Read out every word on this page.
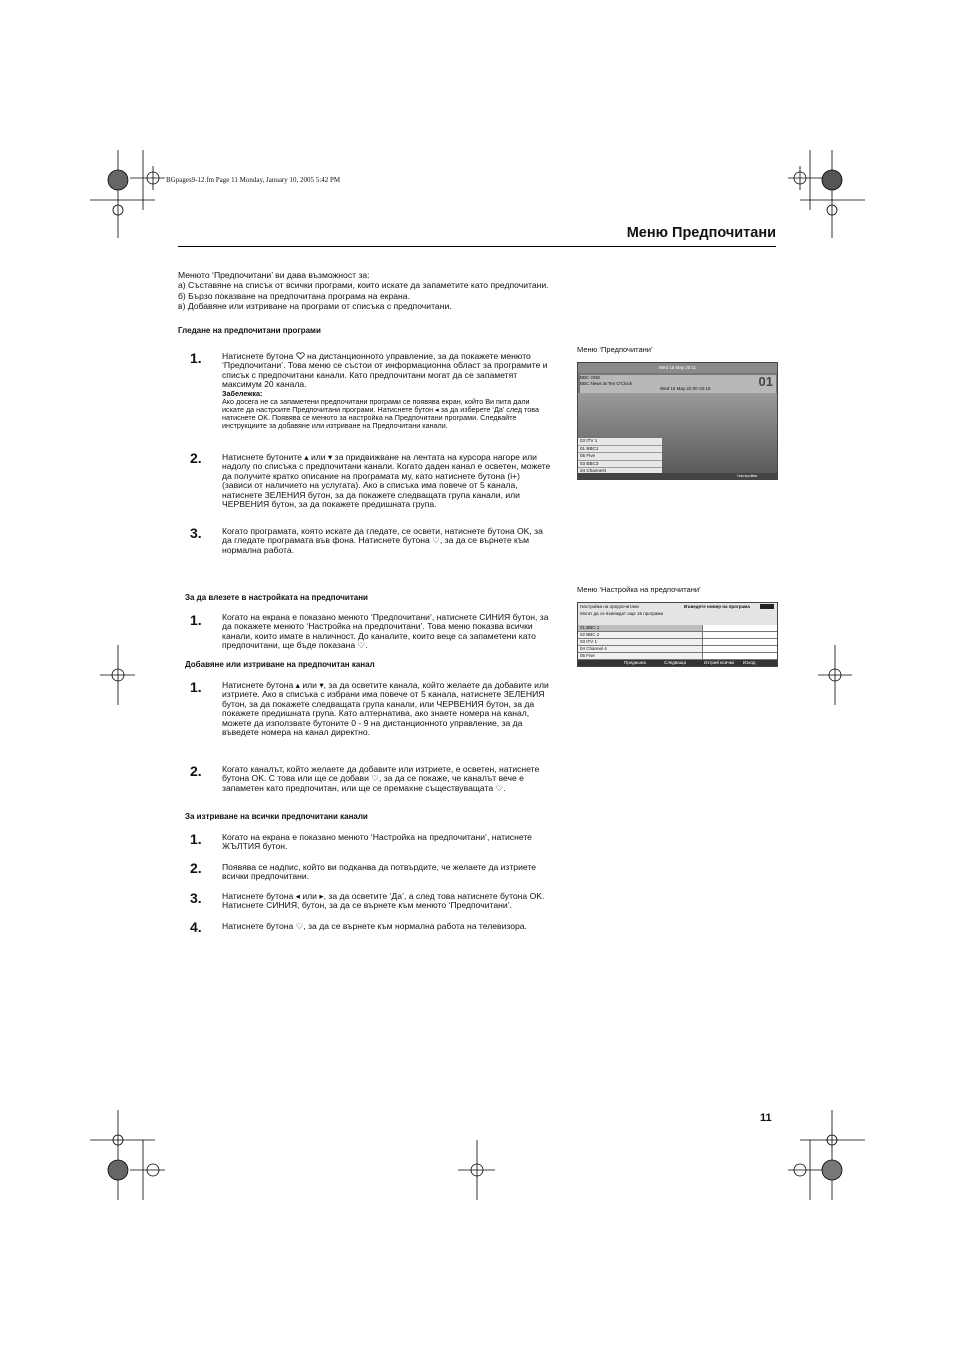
BGpages9-12.fm Page 11 Monday, January 10, 2005 5:42 PM
Меню Предпочитани

Менюто ‘Предпочитани’ ви дава възможност за:

а) Съставяне на списък от всички програми, които искате да запаметите като предпочитани.

б) Бързо показване на предпочитана програма на екрана.

в) Добавяне или изтриване на програми от списъка с предпочитани.

Гледане на предпочитани програми
1. Натиснете бутона на дистанционното управление, за да покажете менюто ‘Предпочитани’. Това меню се състои от информационна област за програмите и списък с предпочитани канали. Като предпочитани могат да се запаметят максимум 20 канала.

Забележка:

Ако досега не са запаметени предпочитани програми се появява екран, който Ви пита дали искате да настроите Предпочитани програми. Натиснете бутон ◂ за да изберете ‘Да’ след това натиснете OK. Появява се менюто за настройка на Предпочитани програми. Следвайте инструкциите за добавяне или изтриване на Предпочитани канали.

2. Натиснете бутоните ▴ или ▾ за придвижване на лентата на курсора нагоре или надолу по списъка с предпочитани канали. Когато даден канал е осветен, можете да получите кратко описание на програмата му, като натиснете бутона (i+) (зависи от наличието на услугата). Ако в списъка има повече от 5 канала, натиснете ЗЕЛЕНИЯ бутон, за да покажете следващата група канали, или ЧЕРВЕНИЯ бутон, за да покажете предишната група.

3. Когато програмата, която искате да гледате, се освети, натиснете бутона OK, за да гледате програмата във фона. Натиснете бутона ♡, за да се върнете към нормална работа.

За да влезете в настройката на предпочитани
1. Когато на екрана е показано менюто ‘Предпочитани’, натиснете СИНИЯ бутон, за да покажете менюто ‘Настройка на предпочитани’. Това меню показва всички канали, които имате в наличност. До каналите, които веце са запаметени като предпочитани, ще бъде показана ♡.

Добавяне или изтриване на предпочитан канал
1. Натиснете бутона ▴ или ▾, за да осветите канала, който желаете да добавите или изтриете. Ако в списъка с избрани има повече от 5 канала, натиснете ЗЕЛЕНИЯ бутон, за да покажете следващата група канали, или ЧЕРВЕНИЯ бутон, за да покажете предишната група. Като алтернатива, ако знаете номера на канал, можете да използвате бутоните 0 - 9 на дистанционното управление, за да въведете номера на канал директно.

2. Когато каналът, който желаете да добавите или изтриете, е осветен, натиснете бутона OK. С това или ще се добави ♡, за да се покаже, че каналът вече е запаметен като предпочитан, или ще се премахне съществуващата ♡.

За изтриване на всички предпочитани канали
1. Когато на екрана е показано менюто ‘Настройка на предпочитани’, натиснете ЖЪЛТИЯ бутон.

2. Появява се надпис, който ви подканва да потвърдите, че желаете да изтриете всички предпочитани.

3. Натиснете бутона ◂ или ▸, за да осветите ‘Да’, а след това натиснете бутона OK. Натиснете СИНИЯ, бутон, за да се върнете към менюто ‘Предпочитани’.

4. Натиснете бутона ♡, за да се върнете към нормална работа на телевизора.

Меню ‘Предпочитани’
Wed 15 May 20:11
BBC ONE
BBC News at Ten O'Clock
Wed 15 May 22:00-22:15	01
03 ITV 1
01 BBC1
05 Five
03 BBC3
24 Channel4
Настройка
Меню ‘Настройка на предпочитани’
Настройка на предпочитани	Въведете номер на програма
Могат да се въвеждат още 15 програми
01 BBC 1
02 BBC 2
03 ITV 1
04 Channel 4
05 Five
Предишна	Следваща	Изтрий всички Изход
11
